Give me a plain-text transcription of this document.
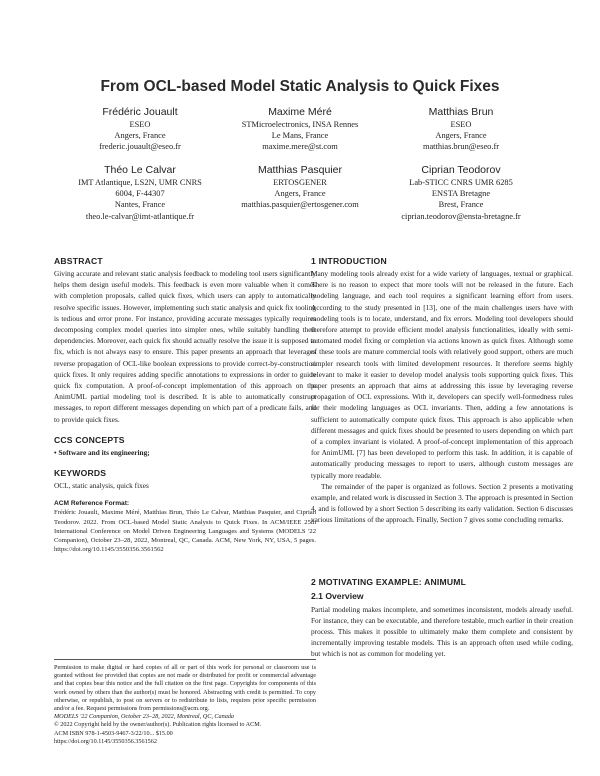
From OCL-based Model Static Analysis to Quick Fixes
Frédéric Jouault
ESEO
Angers, France
frederic.jouault@eseo.fr
Maxime Méré
STMicroelectronics, INSA Rennes
Le Mans, France
maxime.mere@st.com
Matthias Brun
ESEO
Angers, France
matthias.brun@eseo.fr
Théo Le Calvar
IMT Atlantique, LS2N, UMR CNRS
6004, F-44307
Nantes, France
theo.le-calvar@imt-atlantique.fr
Matthias Pasquier
ERTOSGENER
Angers, France
matthias.pasquier@ertosgener.com
Ciprian Teodorov
Lab-STICC CNRS UMR 6285
ENSTA Bretagne
Brest, France
ciprian.teodorov@ensta-bretagne.fr
ABSTRACT

Giving accurate and relevant static analysis feedback to modeling tool users significantly helps them design useful models. This feedback is even more valuable when it comes with completion proposals, called quick fixes, which users can apply to automatically resolve specific issues. However, implementing such static analysis and quick fix tooling is tedious and error prone. For instance, providing accurate messages typically requires decomposing complex model queries into simpler ones, while suitably handling their dependencies. Moreover, each quick fix should actually resolve the issue it is supposed to fix, which is not always easy to ensure. This paper presents an approach that leverages reverse propagation of OCL-like boolean expressions to provide correct-by-construction quick fixes. It only requires adding specific annotations to expressions in order to guide quick fix computation. A proof-of-concept implementation of this approach on the AnimUML partial modeling tool is described. It is able to automatically construct messages, to report different messages depending on which part of a predicate fails, and to provide quick fixes.

CCS CONCEPTS

• Software and its engineering;

KEYWORDS

OCL, static analysis, quick fixes

ACM Reference Format:

Frédéric Jouault, Maxime Méré, Matthias Brun, Théo Le Calvar, Matthias Pasquier, and Ciprian Teodorov. 2022. From OCL-based Model Static Analysis to Quick Fixes. In ACM/IEEE 25th International Conference on Model Driven Engineering Languages and Systems (MODELS '22 Companion), October 23–28, 2022, Montreal, QC, Canada. ACM, New York, NY, USA, 5 pages. https://doi.org/10.1145/3550356.3561562

Permission to make digital or hard copies of all or part of this work for personal or classroom use is granted without fee provided that copies are not made or distributed for profit or commercial advantage and that copies bear this notice and the full citation on the first page. Copyrights for components of this work owned by others than the author(s) must be honored. Abstracting with credit is permitted. To copy otherwise, or republish, to post on servers or to redistribute to lists, requires prior specific permission and/or a fee. Request permissions from permissions@acm.org.

MODELS '22 Companion, October 23–28, 2022, Montreal, QC, Canada

© 2022 Copyright held by the owner/author(s). Publication rights licensed to ACM.

ACM ISBN 978-1-4503-9467-3/22/10... $15.00

https://doi.org/10.1145/3550356.3561562

1 INTRODUCTION

Many modeling tools already exist for a wide variety of languages, textual or graphical. There is no reason to expect that more tools will not be released in the future. Each modeling language, and each tool requires a significant learning effort from users. According to the study presented in [13], one of the main challenges users have with modeling tools is to locate, understand, and fix errors. Modeling tool developers should therefore attempt to provide efficient model analysis functionalities, ideally with semi-automated model fixing or completion via actions known as quick fixes. Although some of these tools are mature commercial tools with relatively good support, others are much simpler research tools with limited development resources. It therefore seems highly relevant to make it easier to develop model analysis tools supporting quick fixes. This paper presents an approach that aims at addressing this issue by leveraging reverse propagation of OCL expressions. With it, developers can specify well-formedness rules for their modeling languages as OCL invariants. Then, adding a few annotations is sufficient to automatically compute quick fixes. This approach is also applicable when different messages and quick fixes should be presented to users depending on which part of a complex invariant is violated. A proof-of-concept implementation of this approach for AnimUML [7] has been developed to perform this task. In addition, it is capable of automatically producing messages to report to users, although custom messages are typically more readable.

The remainder of the paper is organized as follows. Section 2 presents a motivating example, and related work is discussed in Section 3. The approach is presented in Section 4, and is followed by a short Section 5 describing its early validation. Section 6 discusses various limitations of the approach. Finally, Section 7 gives some concluding remarks.

2 MOTIVATING EXAMPLE: ANIMUML
2.1 Overview

Partial modeling makes incomplete, and sometimes inconsistent, models already useful. For instance, they can be executable, and therefore testable, much earlier in their creation process. This makes it possible to ultimately make them complete and consistent by incrementally improving testable models. This is an approach often used while coding, but which is not as common for modeling yet.
